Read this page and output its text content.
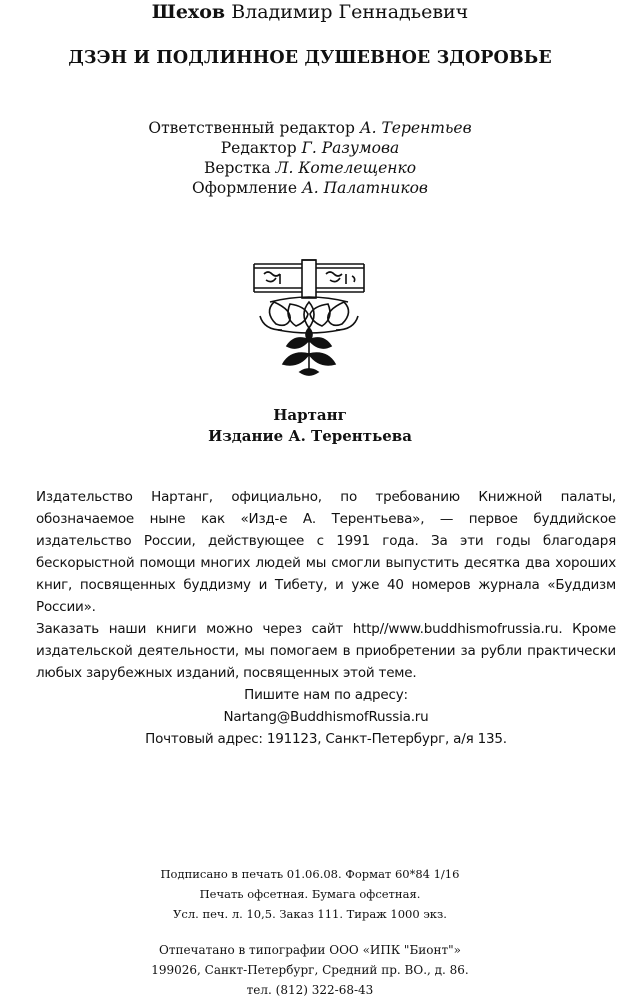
Шехов Владимир Геннадьевич
ДЗЭН И ПОДЛИННОЕ ДУШЕВНОЕ ЗДОРОВЬЕ
Ответственный редактор А. Терентьев
Редактор Г. Разумова
Верстка Л. Котелещенко
Оформление А. Палатников
Нартанг
Издание А. Терентьева

Издательство Нартанг, официально, по требованию Книжной палаты, обозначаемое ныне как «Изд-е А. Терентьева», — первое буддийское издательство России, действующее с 1991 года. За эти годы благодаря бескорыстной помощи многих людей мы смогли выпустить десятка два хороших книг, посвященных буддизму и Тибету, и уже 40 номеров журнала «Буддизм России».

Заказать наши книги можно через сайт http//www.buddhismofrussia.ru. Кроме издательской деятельности, мы помогаем в приобретении за рубли практически любых зарубежных изданий, посвященных этой теме.

Пишите нам по адресу:

Nartang@BuddhismofRussia.ru

Почтовый адрес: 191123, Санкт-Петербург, а/я 135.

Подписано в печать 01.06.08. Формат 60*84 1/16
Печать офсетная. Бумага офсетная.
Усл. печ. л. 10,5. Заказ 111. Тираж 1000 экз.
Отпечатано в типографии ООО «ИПК "Бионт"»
199026, Санкт-Петербург, Средний пр. ВО., д. 86.
тел. (812) 322-68-43
